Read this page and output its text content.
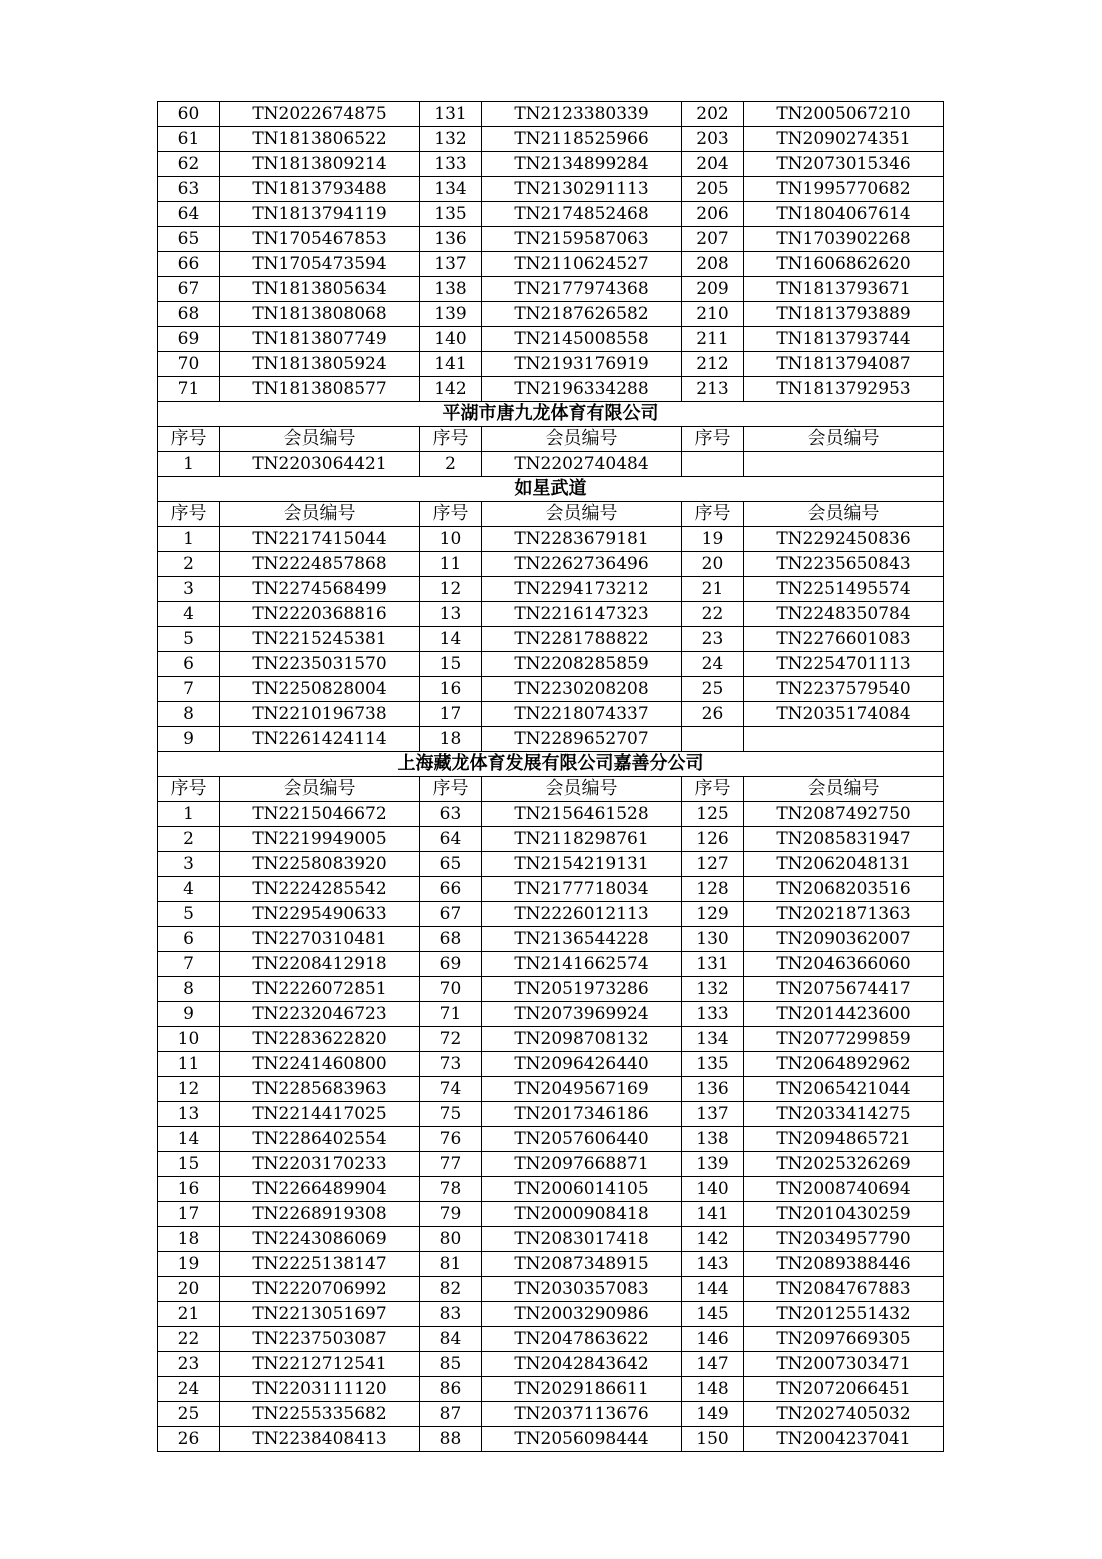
60	TN2022674875	131	TN2123380339	202	TN2005067210
61	TN1813806522	132	TN2118525966	203	TN2090274351
62	TN1813809214	133	TN2134899284	204	TN2073015346
63	TN1813793488	134	TN2130291113	205	TN1995770682
64	TN1813794119	135	TN2174852468	206	TN1804067614
65	TN1705467853	136	TN2159587063	207	TN1703902268
66	TN1705473594	137	TN2110624527	208	TN1606862620
67	TN1813805634	138	TN2177974368	209	TN1813793671
68	TN1813808068	139	TN2187626582	210	TN1813793889
69	TN1813807749	140	TN2145008558	211	TN1813793744
70	TN1813805924	141	TN2193176919	212	TN1813794087
71	TN1813808577	142	TN2196334288	213	TN1813792953
平湖市唐九龙体育有限公司					
序号	会员编号	序号	会员编号	序号	会员编号
1	TN2203064421	2	TN2202740484		
如星武道					
序号	会员编号	序号	会员编号	序号	会员编号
1	TN2217415044	10	TN2283679181	19	TN2292450836
2	TN2224857868	11	TN2262736496	20	TN2235650843
3	TN2274568499	12	TN2294173212	21	TN2251495574
4	TN2220368816	13	TN2216147323	22	TN2248350784
5	TN2215245381	14	TN2281788822	23	TN2276601083
6	TN2235031570	15	TN2208285859	24	TN2254701113
7	TN2250828004	16	TN2230208208	25	TN2237579540
8	TN2210196738	17	TN2218074337	26	TN2035174084
9	TN2261424114	18	TN2289652707		
上海藏龙体育发展有限公司嘉善分公司					
序号	会员编号	序号	会员编号	序号	会员编号
1	TN2215046672	63	TN2156461528	125	TN2087492750
2	TN2219949005	64	TN2118298761	126	TN2085831947
3	TN2258083920	65	TN2154219131	127	TN2062048131
4	TN2224285542	66	TN2177718034	128	TN2068203516
5	TN2295490633	67	TN2226012113	129	TN2021871363
6	TN2270310481	68	TN2136544228	130	TN2090362007
7	TN2208412918	69	TN2141662574	131	TN2046366060
8	TN2226072851	70	TN2051973286	132	TN2075674417
9	TN2232046723	71	TN2073969924	133	TN2014423600
10	TN2283622820	72	TN2098708132	134	TN2077299859
11	TN2241460800	73	TN2096426440	135	TN2064892962
12	TN2285683963	74	TN2049567169	136	TN2065421044
13	TN2214417025	75	TN2017346186	137	TN2033414275
14	TN2286402554	76	TN2057606440	138	TN2094865721
15	TN2203170233	77	TN2097668871	139	TN2025326269
16	TN2266489904	78	TN2006014105	140	TN2008740694
17	TN2268919308	79	TN2000908418	141	TN2010430259
18	TN2243086069	80	TN2083017418	142	TN2034957790
19	TN2225138147	81	TN2087348915	143	TN2089388446
20	TN2220706992	82	TN2030357083	144	TN2084767883
21	TN2213051697	83	TN2003290986	145	TN2012551432
22	TN2237503087	84	TN2047863622	146	TN2097669305
23	TN2212712541	85	TN2042843642	147	TN2007303471
24	TN2203111120	86	TN2029186611	148	TN2072066451
25	TN2255335682	87	TN2037113676	149	TN2027405032
26	TN2238408413	88	TN2056098444	150	TN2004237041
